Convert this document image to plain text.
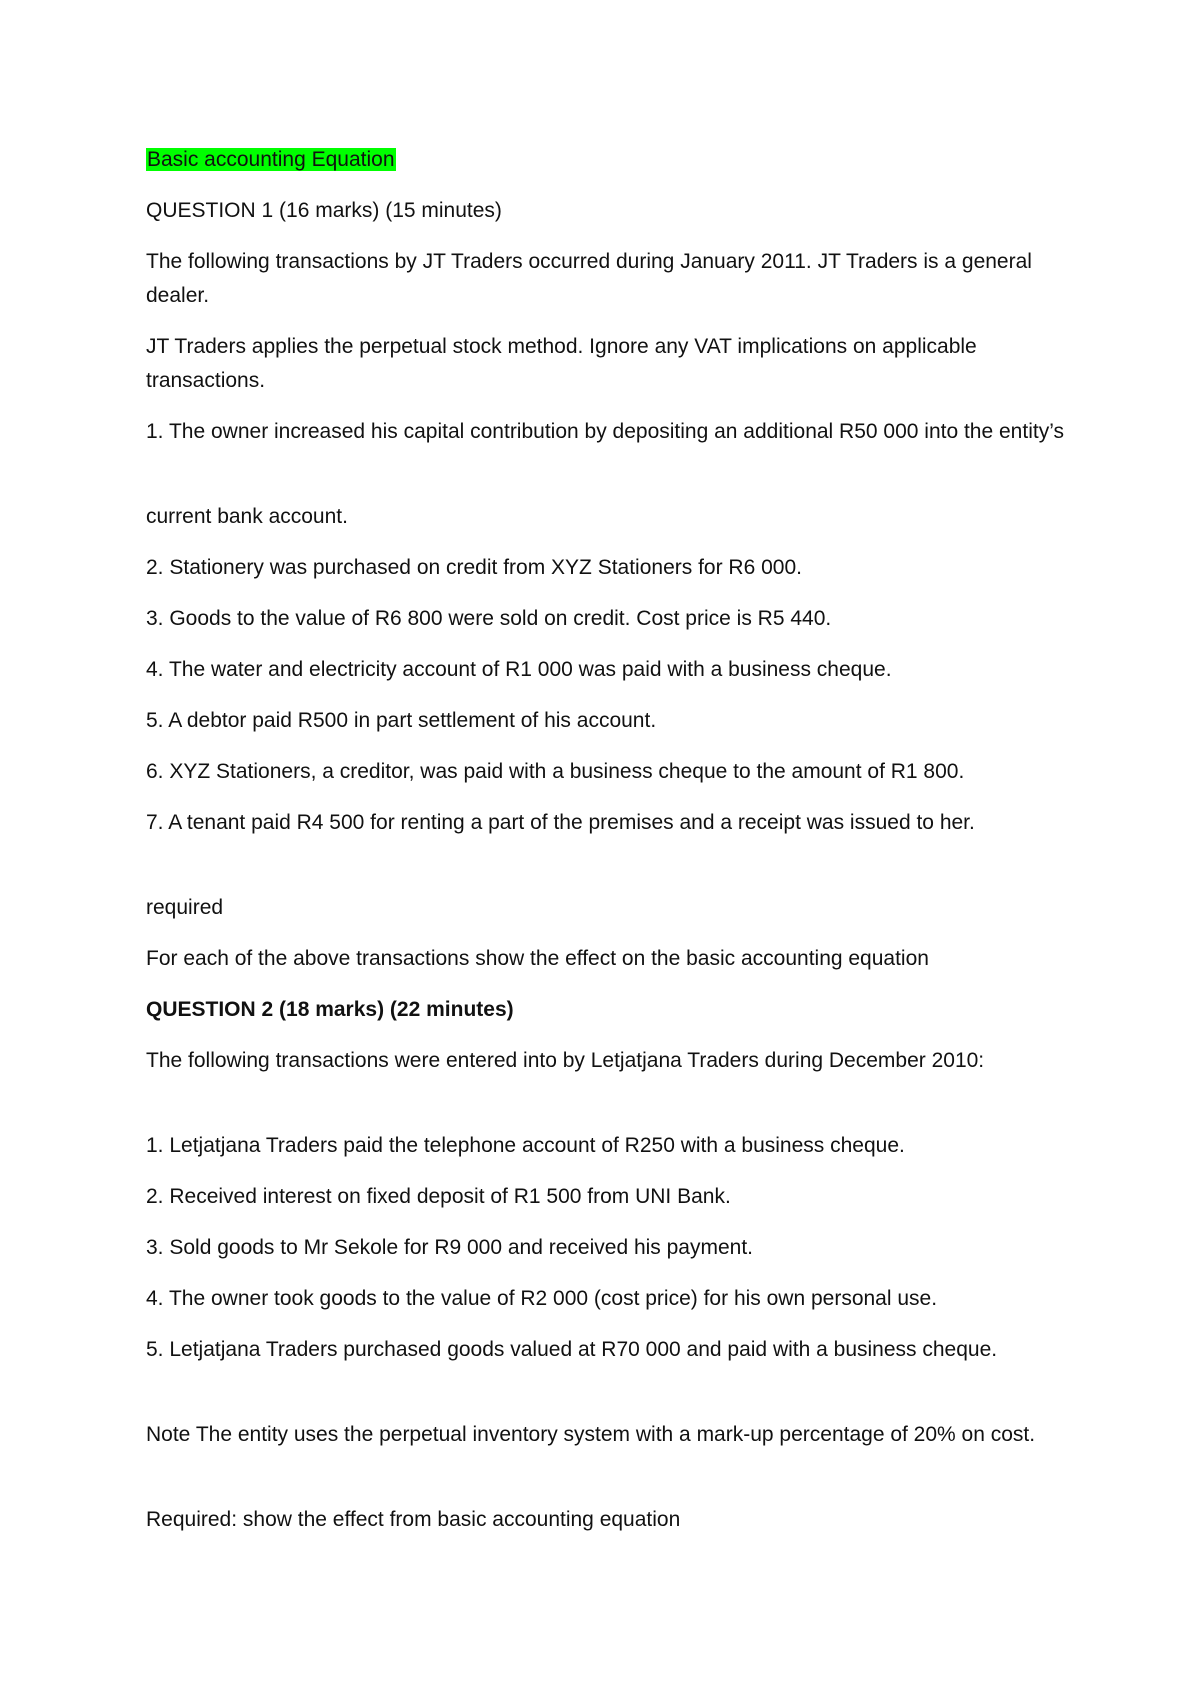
Basic accounting Equation

QUESTION 1 (16 marks) (15 minutes)

The following transactions by JT Traders occurred during January 2011. JT Traders is a general dealer.

JT Traders applies the perpetual stock method. Ignore any VAT implications on applicable transactions.

1. The owner increased his capital contribution by depositing an additional R50 000 into the entity’s

current bank account.

2. Stationery was purchased on credit from XYZ Stationers for R6 000.

3. Goods to the value of R6 800 were sold on credit. Cost price is R5 440.

4. The water and electricity account of R1 000 was paid with a business cheque.

5. A debtor paid R500 in part settlement of his account.

6. XYZ Stationers, a creditor, was paid with a business cheque to the amount of R1 800.

7. A tenant paid R4 500 for renting a part of the premises and a receipt was issued to her.

required

For each of the above transactions show the effect on the basic accounting equation

QUESTION 2 (18 marks) (22 minutes)

The following transactions were entered into by Letjatjana Traders during December 2010:

1. Letjatjana Traders paid the telephone account of R250 with a business cheque.

2. Received interest on fixed deposit of R1 500 from UNI Bank.

3. Sold goods to Mr Sekole for R9 000 and received his payment.

4. The owner took goods to the value of R2 000 (cost price) for his own personal use.

5. Letjatjana Traders purchased goods valued at R70 000 and paid with a business cheque.

Note The entity uses the perpetual inventory system with a mark-up percentage of 20% on cost.

Required: show the effect from basic accounting equation
